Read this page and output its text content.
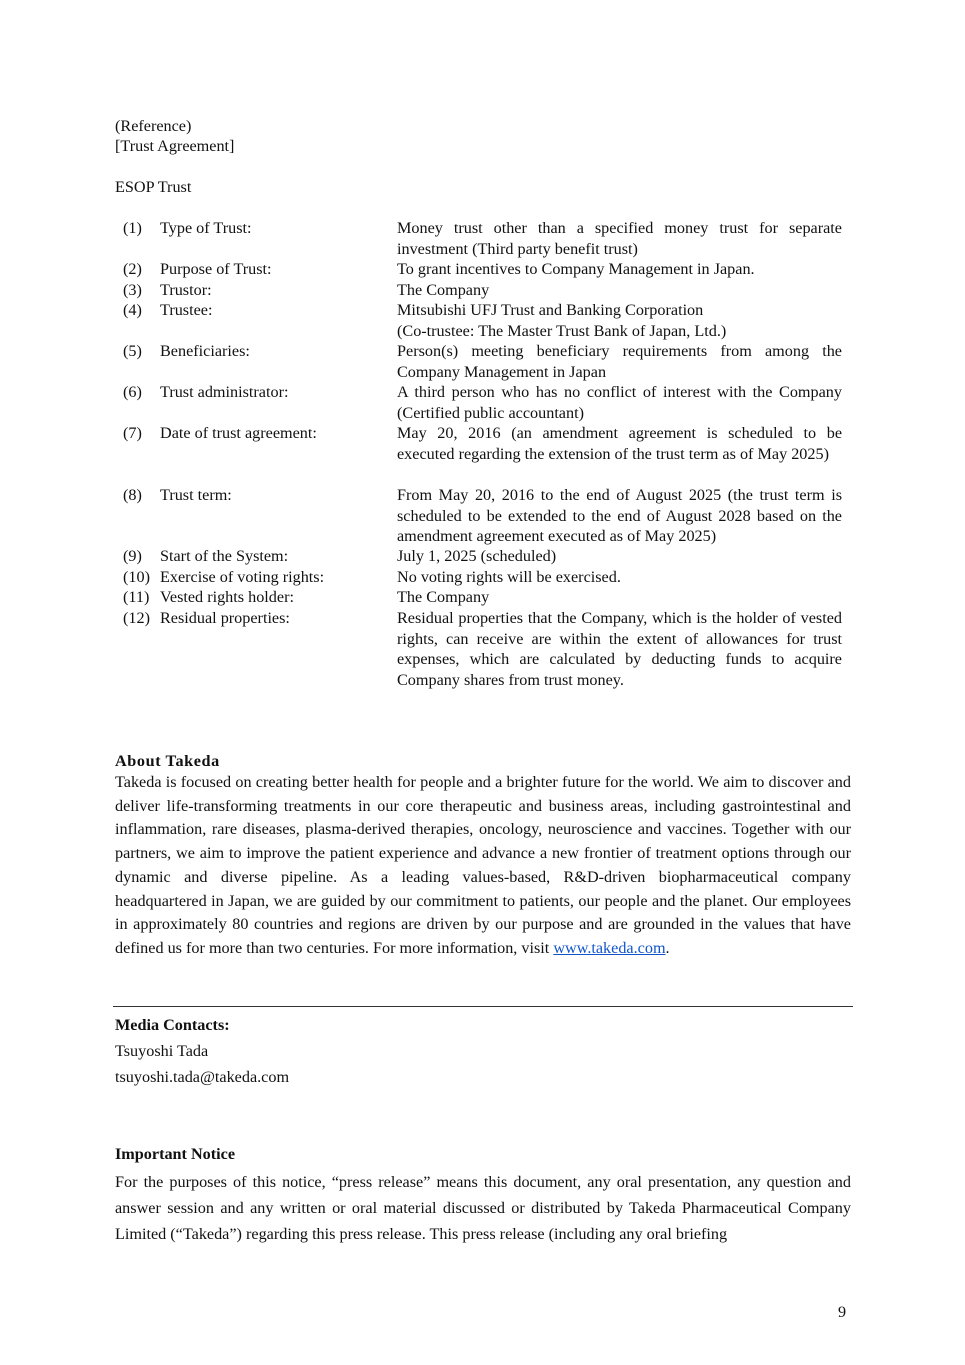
(Reference)
[Trust Agreement]
ESOP Trust
(1) Type of Trust:	Money trust other than a specified money trust for separate investment (Third party benefit trust)
(2) Purpose of Trust:	To grant incentives to Company Management in Japan.
(3) Trustor:	The Company
(4) Trustee:	Mitsubishi UFJ Trust and Banking Corporation
(Co-trustee: The Master Trust Bank of Japan, Ltd.)
(5) Beneficiaries:	Person(s) meeting beneficiary requirements from among the Company Management in Japan
(6) Trust administrator:	A third person who has no conflict of interest with the Company (Certified public accountant)
(7) Date of trust agreement:	May 20, 2016 (an amendment agreement is scheduled to be executed regarding the extension of the trust term as of May 2025)
(8) Trust term:	From May 20, 2016 to the end of August 2025 (the trust term is scheduled to be extended to the end of August 2028 based on the amendment agreement executed as of May 2025)
(9) Start of the System:	July 1, 2025 (scheduled)
(10) Exercise of voting rights:	No voting rights will be exercised.
(11) Vested rights holder:	The Company
(12) Residual properties:	Residual properties that the Company, which is the holder of vested rights, can receive are within the extent of allowances for trust expenses, which are calculated by deducting funds to acquire Company shares from trust money.
About Takeda
Takeda is focused on creating better health for people and a brighter future for the world. We aim to discover and deliver life-transforming treatments in our core therapeutic and business areas, including gastrointestinal and inflammation, rare diseases, plasma-derived therapies, oncology, neuroscience and vaccines. Together with our partners, we aim to improve the patient experience and advance a new frontier of treatment options through our dynamic and diverse pipeline. As a leading values-based, R&D-driven biopharmaceutical company headquartered in Japan, we are guided by our commitment to patients, our people and the planet. Our employees in approximately 80 countries and regions are driven by our purpose and are grounded in the values that have defined us for more than two centuries. For more information, visit www.takeda.com.
Media Contacts:
Tsuyoshi Tada
tsuyoshi.tada@takeda.com
Important Notice
For the purposes of this notice, “press release” means this document, any oral presentation, any question and answer session and any written or oral material discussed or distributed by Takeda Pharmaceutical Company Limited (“Takeda”) regarding this press release. This press release (including any oral briefing
9
